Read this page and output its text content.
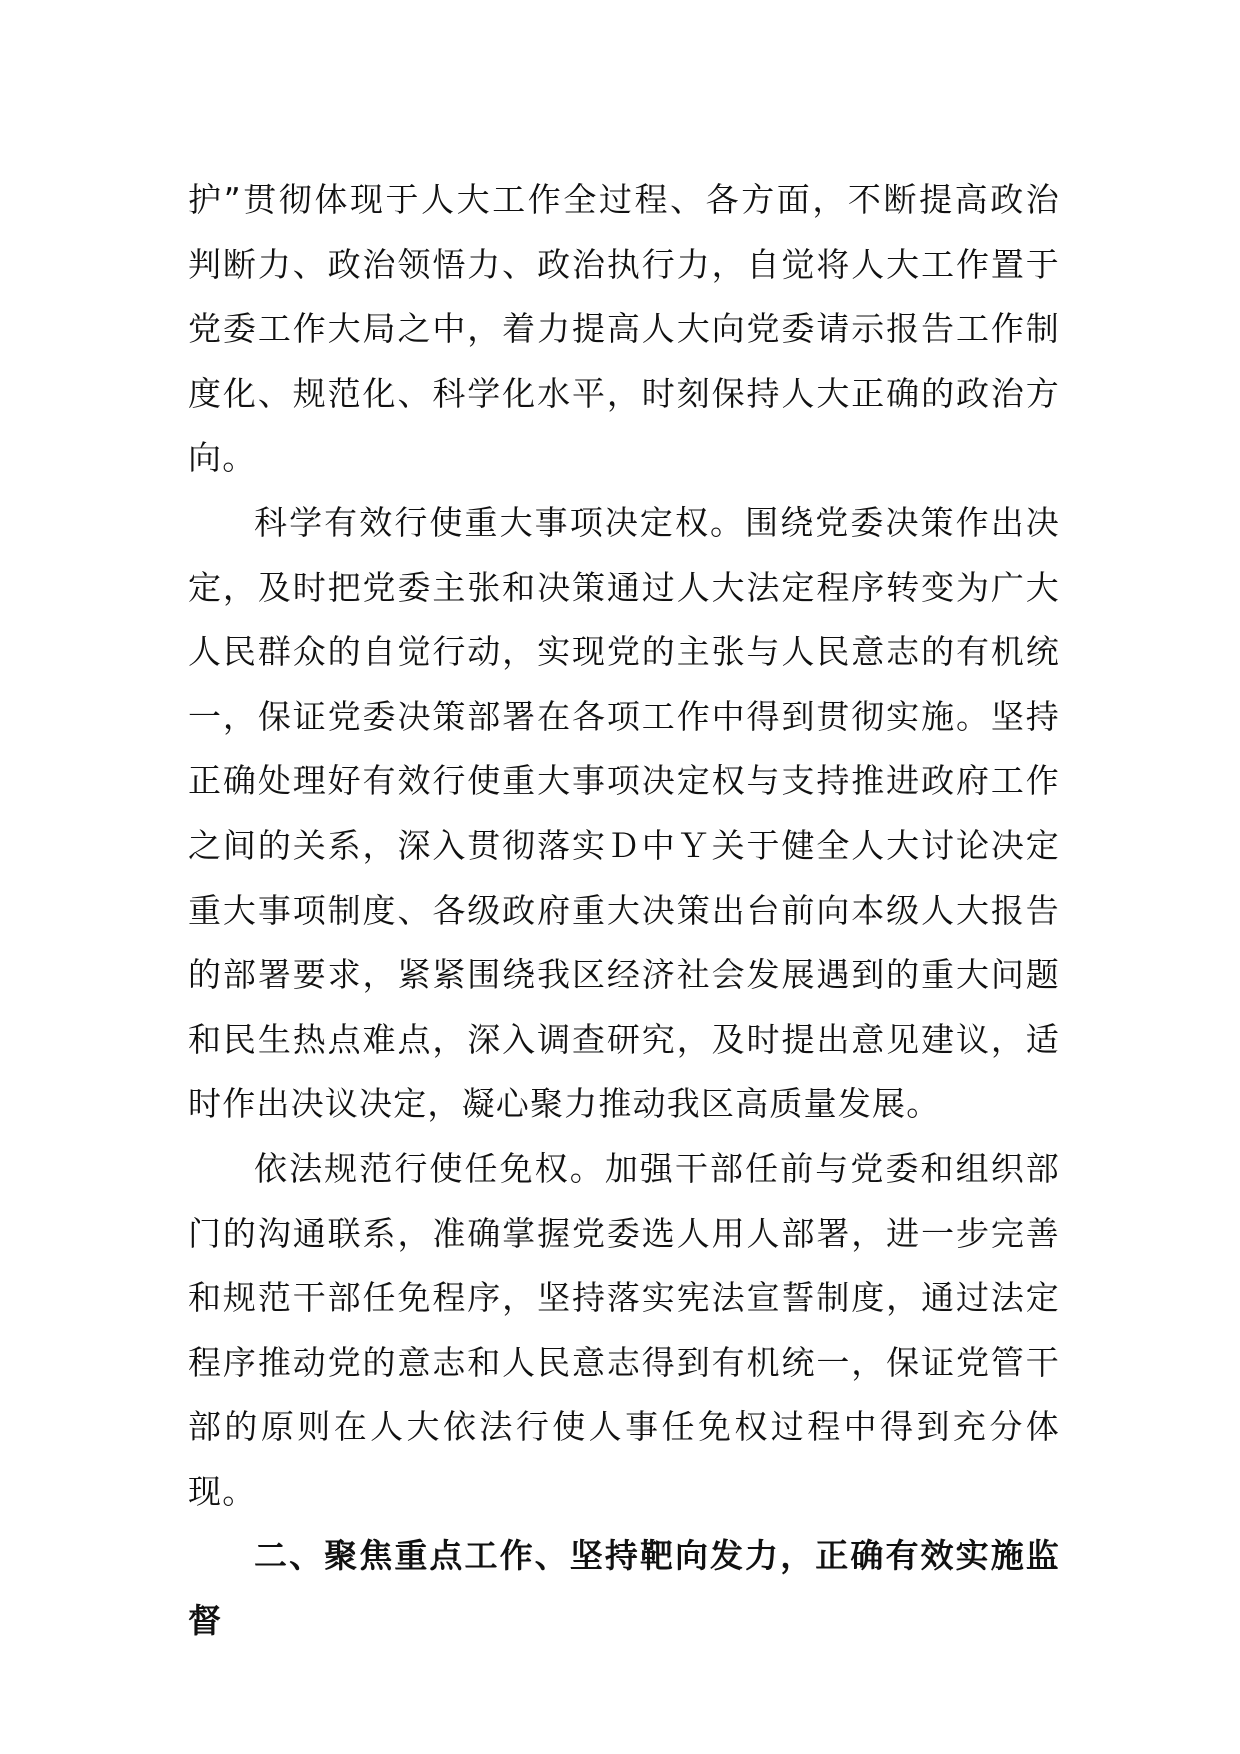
护”贯彻体现于人大工作全过程、各方面，不断提高政治判断力、政治领悟力、政治执行力，自觉将人大工作置于党委工作大局之中，着力提高人大向党委请示报告工作制度化、规范化、科学化水平，时刻保持人大正确的政治方向。

科学有效行使重大事项决定权。围绕党委决策作出决定，及时把党委主张和决策通过人大法定程序转变为广大人民群众的自觉行动，实现党的主张与人民意志的有机统一，保证党委决策部署在各项工作中得到贯彻实施。坚持正确处理好有效行使重大事项决定权与支持推进政府工作之间的关系，深入贯彻落实Ｄ中Ｙ关于健全人大讨论决定重大事项制度、各级政府重大决策出台前向本级人大报告的部署要求，紧紧围绕我区经济社会发展遇到的重大问题和民生热点难点，深入调查研究，及时提出意见建议，适时作出决议决定，凝心聚力推动我区高质量发展。

依法规范行使任免权。加强干部任前与党委和组织部门的沟通联系，准确掌握党委选人用人部署，进一步完善和规范干部任免程序，坚持落实宪法宣誓制度，通过法定程序推动党的意志和人民意志得到有机统一，保证党管干部的原则在人大依法行使人事任免权过程中得到充分体现。

二、聚焦重点工作、坚持靶向发力，正确有效实施监督
